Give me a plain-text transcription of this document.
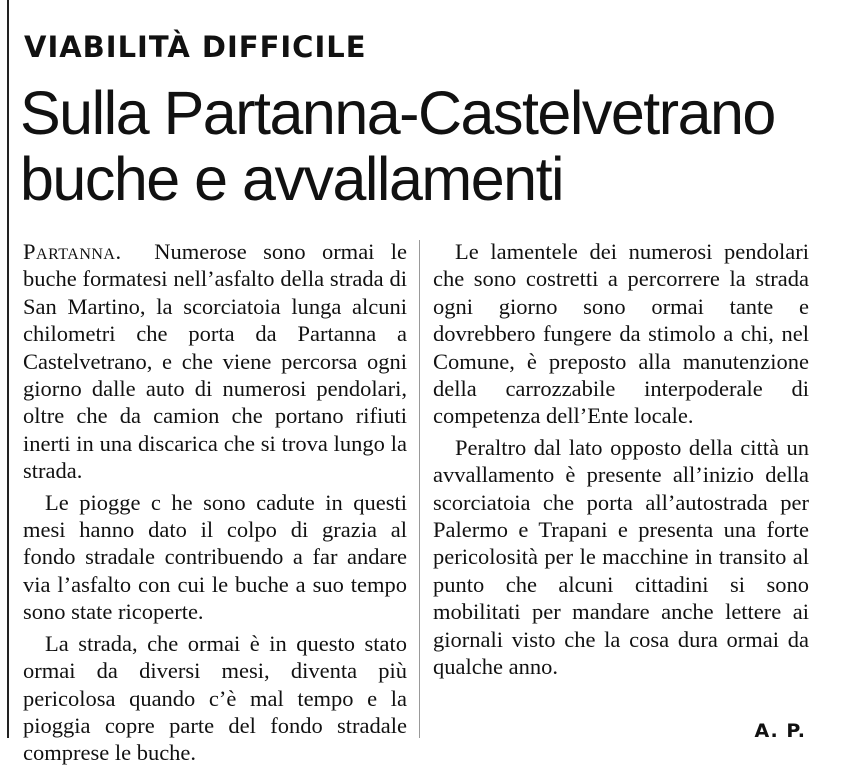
VIABILITÀ DIFFICILE
Sulla Partanna-Castelvetrano
buche e avvallamenti

Partanna. Numerose sono ormai le buche formatesi nell’asfalto della strada di San Martino, la scorciatoia lunga alcuni chilometri che porta da Partanna a Castelvetrano, e che viene percorsa ogni giorno dalle auto di numerosi pendolari, oltre che da camion che portano rifiuti inerti in una discarica che si trova lungo la strada.

Le piogge c he sono cadute in questi mesi hanno dato il colpo di grazia al fondo stradale contribuendo a far andare via l’asfalto con cui le buche a suo tempo sono state ricoperte.

La strada, che ormai è in questo stato ormai da diversi mesi, diventa più pericolosa quando c’è mal tempo e la pioggia copre parte del fondo stradale comprese le buche.

Le lamentele dei numerosi pendolari che sono costretti a percorrere la strada ogni giorno sono ormai tante e dovrebbero fungere da stimolo a chi, nel Comune, è preposto alla manutenzione della carrozzabile interpoderale di competenza dell’Ente locale.

Peraltro dal lato opposto della città un avvallamento è presente all’inizio della scorciatoia che porta all’autostrada per Palermo e Trapani e presenta una forte pericolosità per le macchine in transito al punto che alcuni cittadini si sono mobilitati per mandare anche lettere ai giornali visto che la cosa dura ormai da qualche anno.

A. P.
